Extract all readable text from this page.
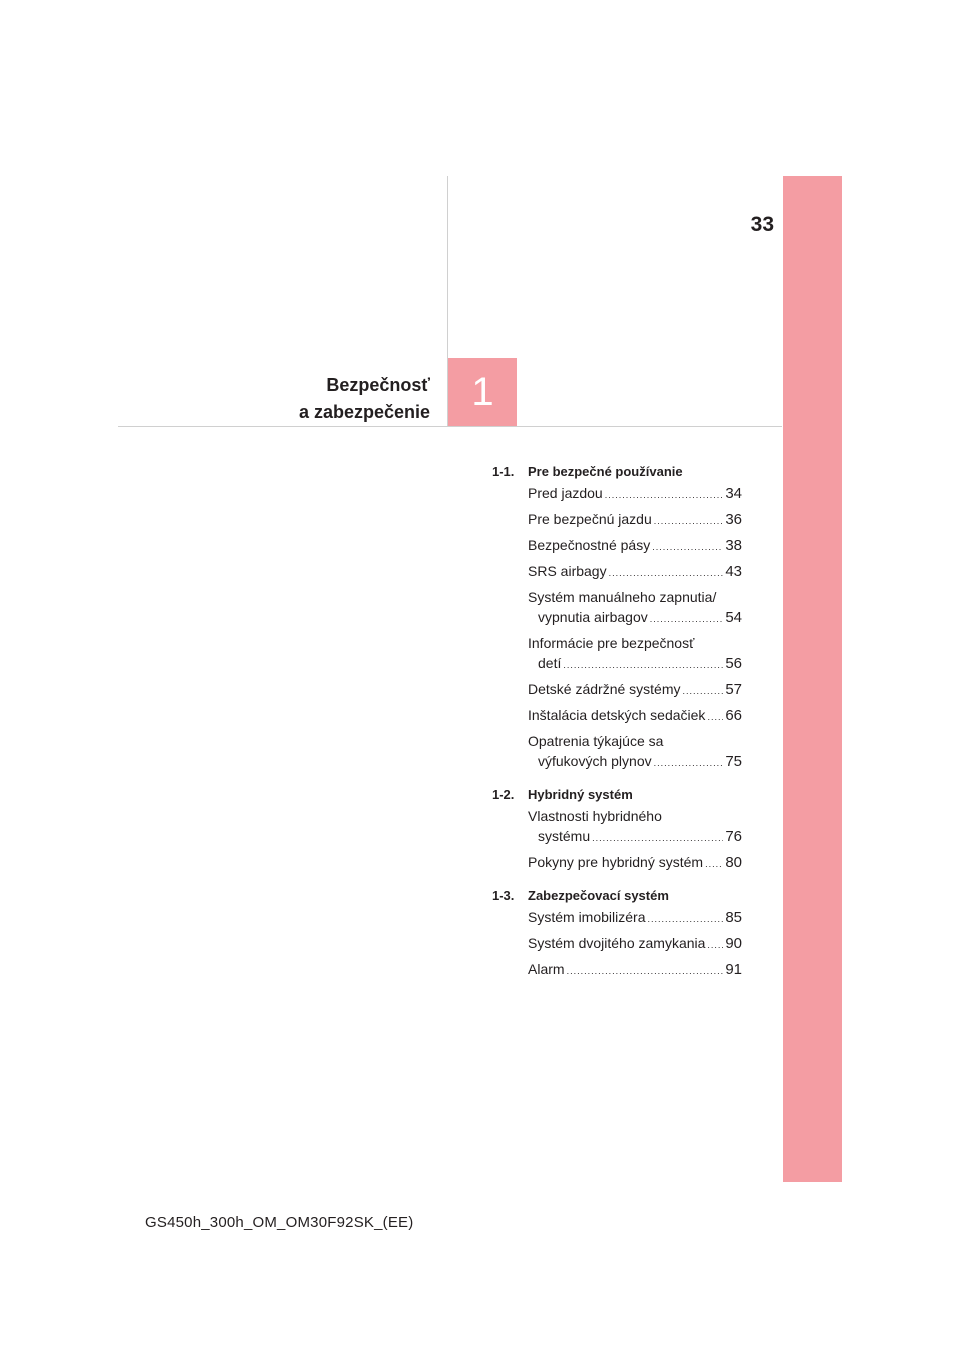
33
Bezpečnosť
a zabezpečenie	1
1-1.	Pre bezpečné používanie
Pred jazdou .....	34
Pre bezpečnú jazdu .....	36
Bezpečnostné pásy .....	38
SRS airbagy .....	43
Systém manuálneho zapnutia/
vypnutia airbagov .....	54
Informácie pre bezpečnosť
detí .....	56
Detské zádržné systémy .....	57
Inštalácia detských sedačiek ..... 66
Opatrenia týkajúce sa
výfukových plynov .....	75
1-2.	Hybridný systém
Vlastnosti hybridného
systému .....	76
Pokyny pre hybridný systém ..... 80
1-3.	Zabezpečovací systém
Systém imobilizéra .....	85
Systém dvojitého zamykania ..... 90
Alarm .....	91
GS450h_300h_OM_OM30F92SK_(EE)
